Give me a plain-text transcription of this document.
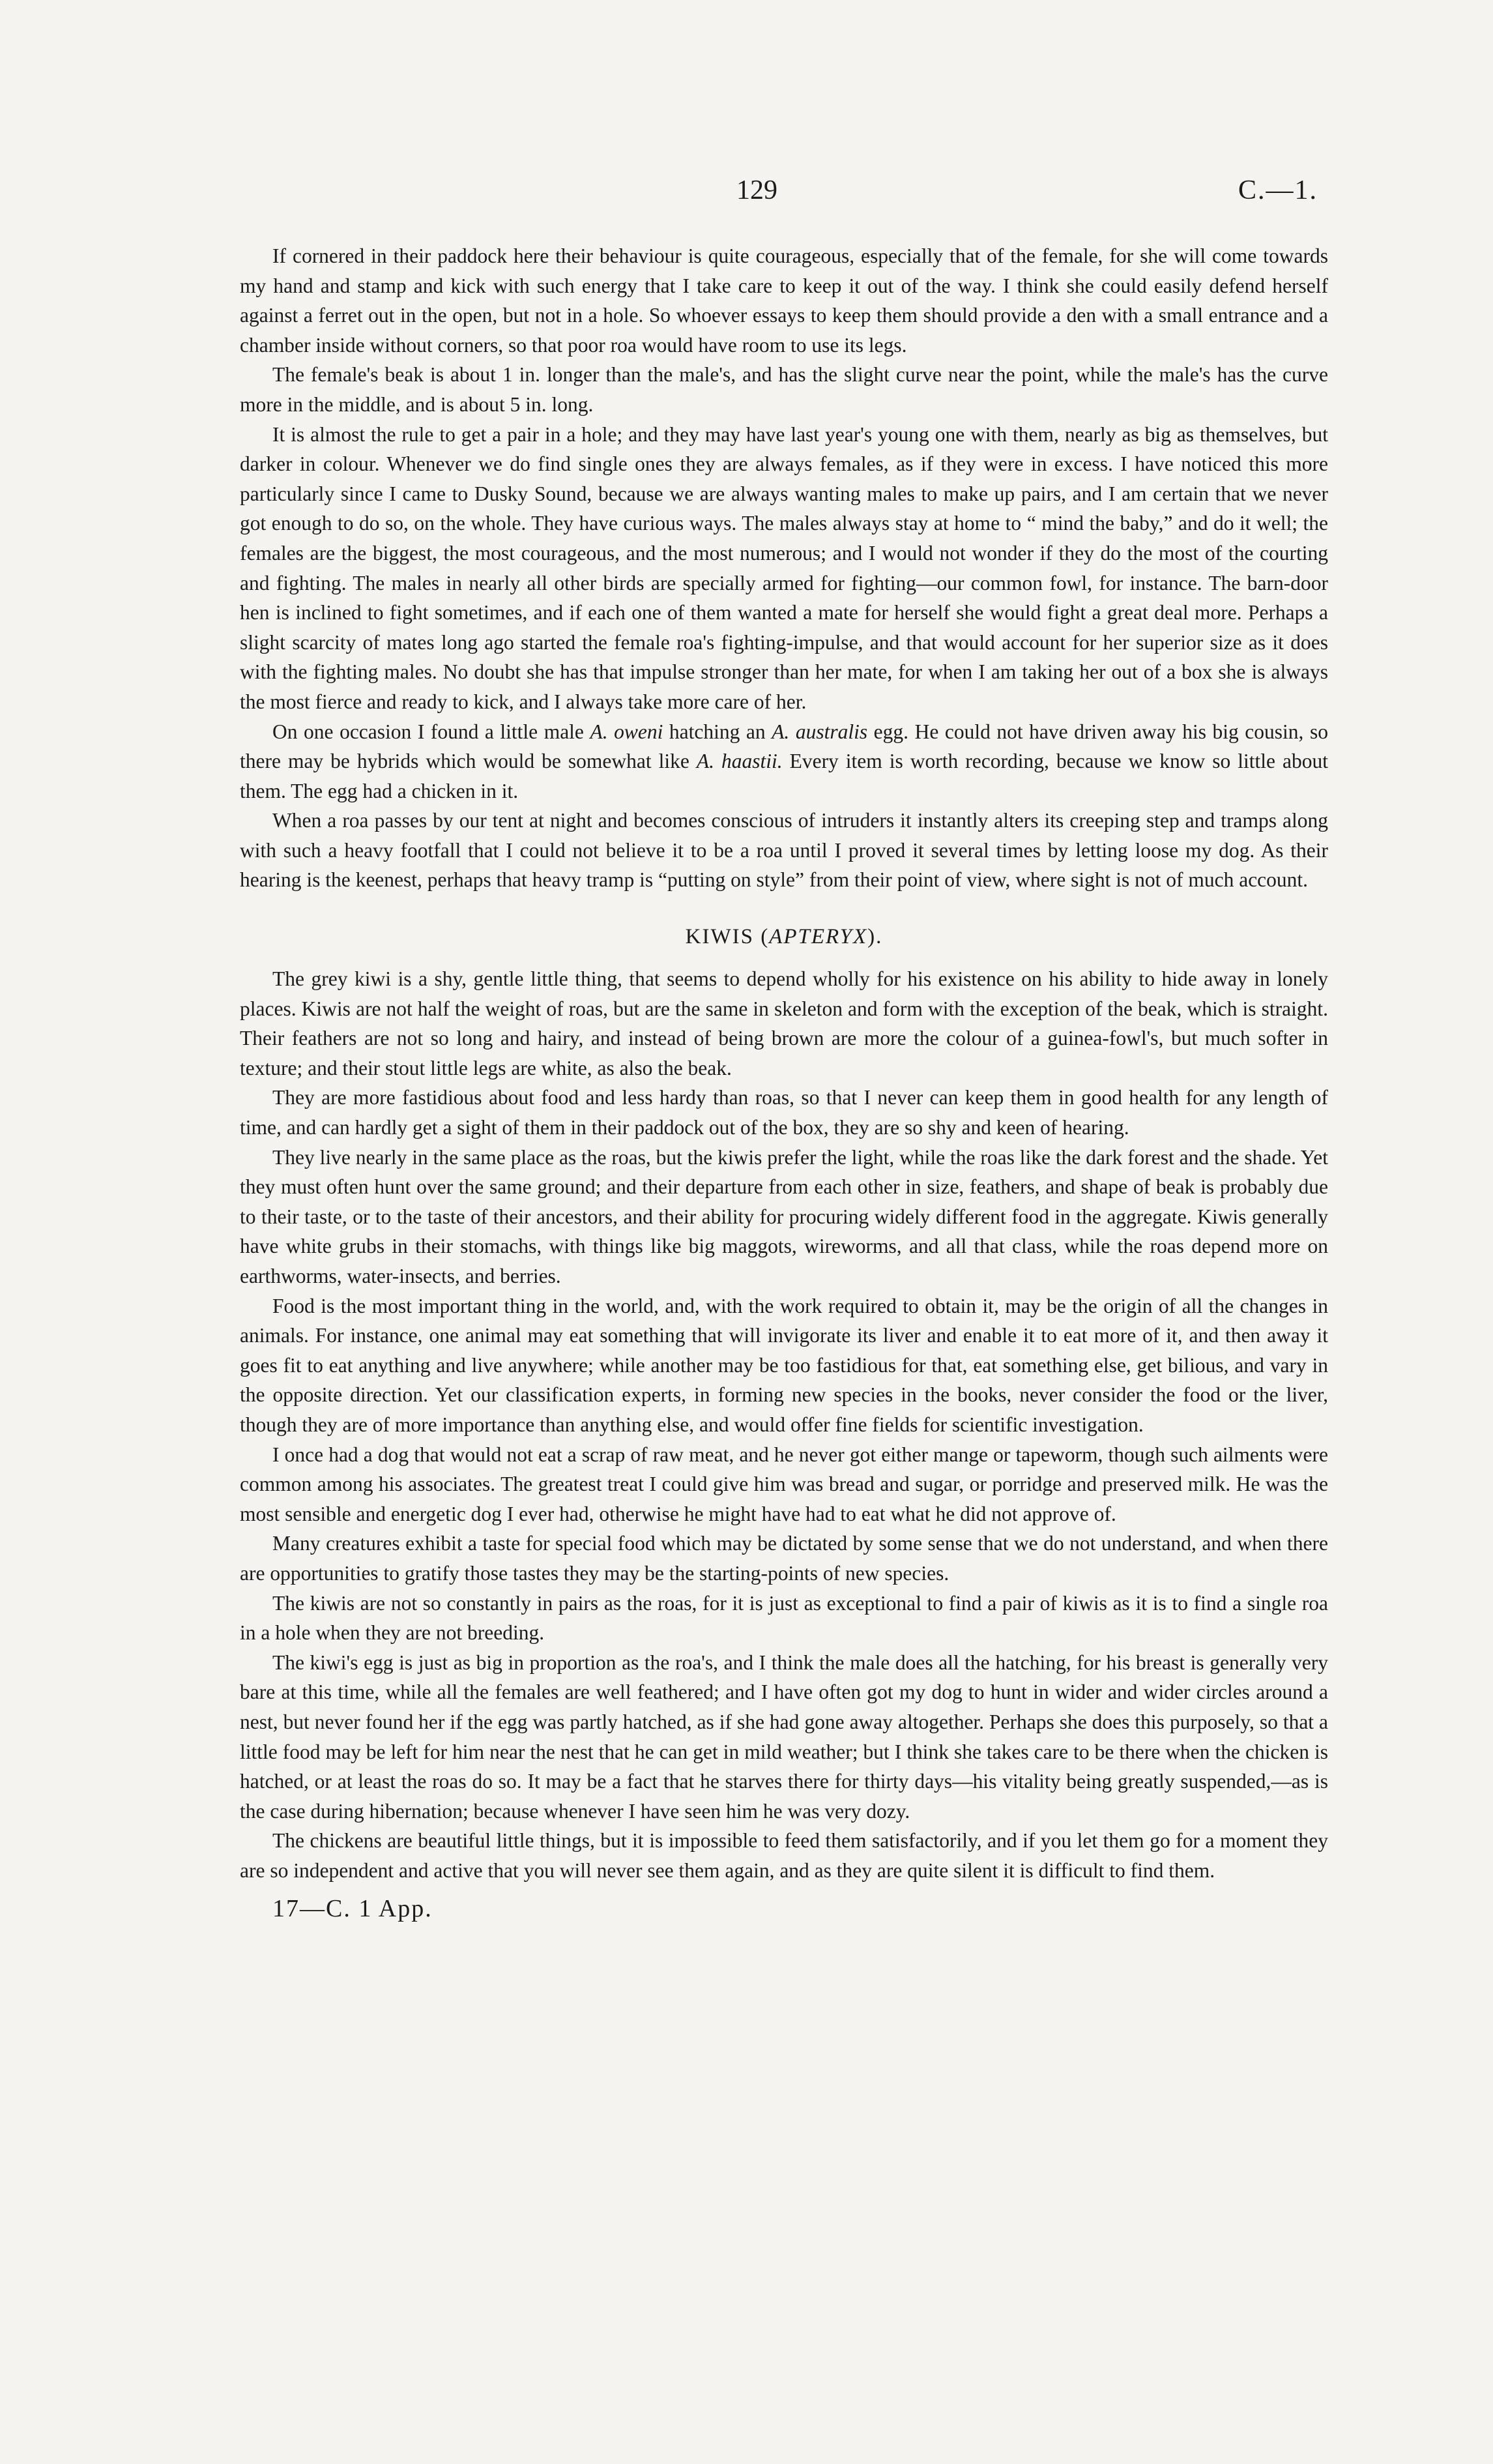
129	C.—1.

If cornered in their paddock here their behaviour is quite courageous, especially that of the female, for she will come towards my hand and stamp and kick with such energy that I take care to keep it out of the way. I think she could easily defend herself against a ferret out in the open, but not in a hole. So whoever essays to keep them should provide a den with a small entrance and a chamber inside without corners, so that poor roa would have room to use its legs.

The female's beak is about 1 in. longer than the male's, and has the slight curve near the point, while the male's has the curve more in the middle, and is about 5 in. long.

It is almost the rule to get a pair in a hole; and they may have last year's young one with them, nearly as big as themselves, but darker in colour. Whenever we do find single ones they are always females, as if they were in excess. I have noticed this more particularly since I came to Dusky Sound, because we are always wanting males to make up pairs, and I am certain that we never got enough to do so, on the whole. They have curious ways. The males always stay at home to “ mind the baby,” and do it well; the females are the biggest, the most courageous, and the most numerous; and I would not wonder if they do the most of the courting and fighting. The males in nearly all other birds are specially armed for fighting—our common fowl, for instance. The barn-door hen is inclined to fight sometimes, and if each one of them wanted a mate for herself she would fight a great deal more. Perhaps a slight scarcity of mates long ago started the female roa's fighting-impulse, and that would account for her superior size as it does with the fighting males. No doubt she has that impulse stronger than her mate, for when I am taking her out of a box she is always the most fierce and ready to kick, and I always take more care of her.

On one occasion I found a little male A. oweni hatching an A. australis egg. He could not have driven away his big cousin, so there may be hybrids which would be somewhat like A. haastii. Every item is worth recording, because we know so little about them. The egg had a chicken in it.

When a roa passes by our tent at night and becomes conscious of intruders it instantly alters its creeping step and tramps along with such a heavy footfall that I could not believe it to be a roa until I proved it several times by letting loose my dog. As their hearing is the keenest, perhaps that heavy tramp is “putting on style” from their point of view, where sight is not of much account.

KIWIS (APTERYX).

The grey kiwi is a shy, gentle little thing, that seems to depend wholly for his existence on his ability to hide away in lonely places. Kiwis are not half the weight of roas, but are the same in skeleton and form with the exception of the beak, which is straight. Their feathers are not so long and hairy, and instead of being brown are more the colour of a guinea-fowl's, but much softer in texture; and their stout little legs are white, as also the beak.

They are more fastidious about food and less hardy than roas, so that I never can keep them in good health for any length of time, and can hardly get a sight of them in their paddock out of the box, they are so shy and keen of hearing.

They live nearly in the same place as the roas, but the kiwis prefer the light, while the roas like the dark forest and the shade. Yet they must often hunt over the same ground; and their departure from each other in size, feathers, and shape of beak is probably due to their taste, or to the taste of their ancestors, and their ability for procuring widely different food in the aggregate. Kiwis generally have white grubs in their stomachs, with things like big maggots, wireworms, and all that class, while the roas depend more on earthworms, water-insects, and berries.

Food is the most important thing in the world, and, with the work required to obtain it, may be the origin of all the changes in animals. For instance, one animal may eat something that will invigorate its liver and enable it to eat more of it, and then away it goes fit to eat anything and live anywhere; while another may be too fastidious for that, eat something else, get bilious, and vary in the opposite direction. Yet our classification experts, in forming new species in the books, never consider the food or the liver, though they are of more importance than anything else, and would offer fine fields for scientific investigation.

I once had a dog that would not eat a scrap of raw meat, and he never got either mange or tapeworm, though such ailments were common among his associates. The greatest treat I could give him was bread and sugar, or porridge and preserved milk. He was the most sensible and energetic dog I ever had, otherwise he might have had to eat what he did not approve of.

Many creatures exhibit a taste for special food which may be dictated by some sense that we do not understand, and when there are opportunities to gratify those tastes they may be the starting-points of new species.

The kiwis are not so constantly in pairs as the roas, for it is just as exceptional to find a pair of kiwis as it is to find a single roa in a hole when they are not breeding.

The kiwi's egg is just as big in proportion as the roa's, and I think the male does all the hatching, for his breast is generally very bare at this time, while all the females are well feathered; and I have often got my dog to hunt in wider and wider circles around a nest, but never found her if the egg was partly hatched, as if she had gone away altogether. Perhaps she does this purposely, so that a little food may be left for him near the nest that he can get in mild weather; but I think she takes care to be there when the chicken is hatched, or at least the roas do so. It may be a fact that he starves there for thirty days—his vitality being greatly suspended,—as is the case during hibernation; because whenever I have seen him he was very dozy.

The chickens are beautiful little things, but it is impossible to feed them satisfactorily, and if you let them go for a moment they are so independent and active that you will never see them again, and as they are quite silent it is difficult to find them.

17—C. 1 App.
